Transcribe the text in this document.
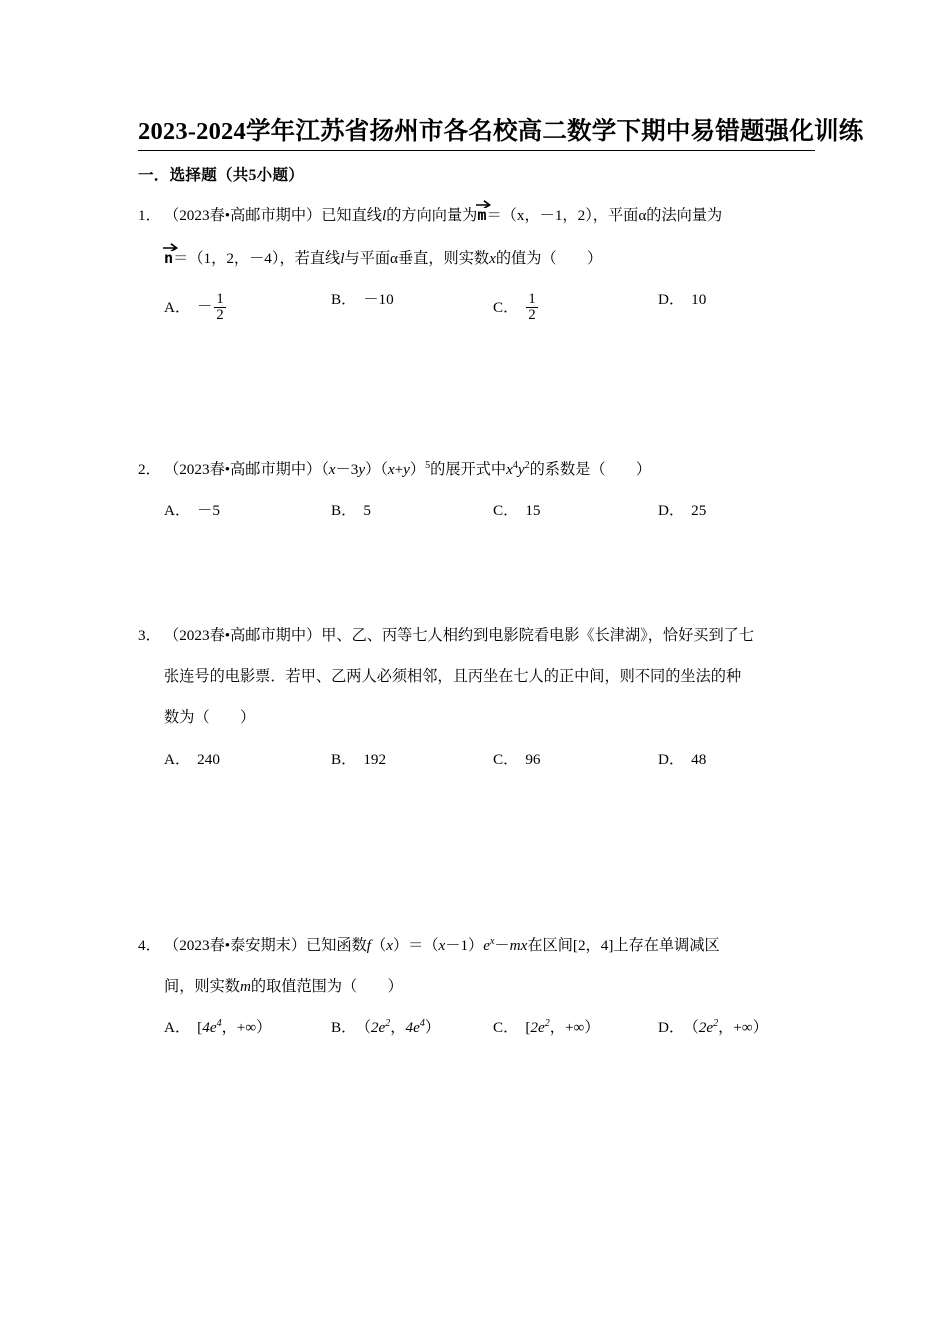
2023-2024学年江苏省扬州市各名校高二数学下期中易错题强化训练
一．选择题（共5小题）
1． （2023春•高邮市期中）已知直线l的方向向量为
m＝（x，－1，2），平面α的法向量为
n＝（1，2，－4），若直线l与平面α垂直，则实数x的值为（　　）
A． － $\frac{1}{2}$	B． －10	C． $\frac{1}{2}$	D． 10
2． （2023春•高邮市期中）$(x-3y)(x+y)^5$的展开式中$x^4y^2$的系数是（　　）
A． －5	B． 5	C． 15	D． 25
3． （2023春•高邮市期中）甲、乙、丙等七人相约到电影院看电影《长津湖》，恰好买到了七
张连号的电影票．若甲、乙两人必须相邻，且丙坐在七人的正中间，则不同的坐法的种
数为（　　）
A． 240	B． 192	C． 96	D． 48
4． （2023春•泰安期末）已知函数$f(x)=(x-1)e^x-mx$在区间[2，4]上存在单调减区
间，则实数m的取值范围为（　　）
A． [$4e^4$，+∞）	B． （$2e^2$，$4e^4$）	C． [$2e^2$，+∞）	D． （$2e^2$，+∞）
